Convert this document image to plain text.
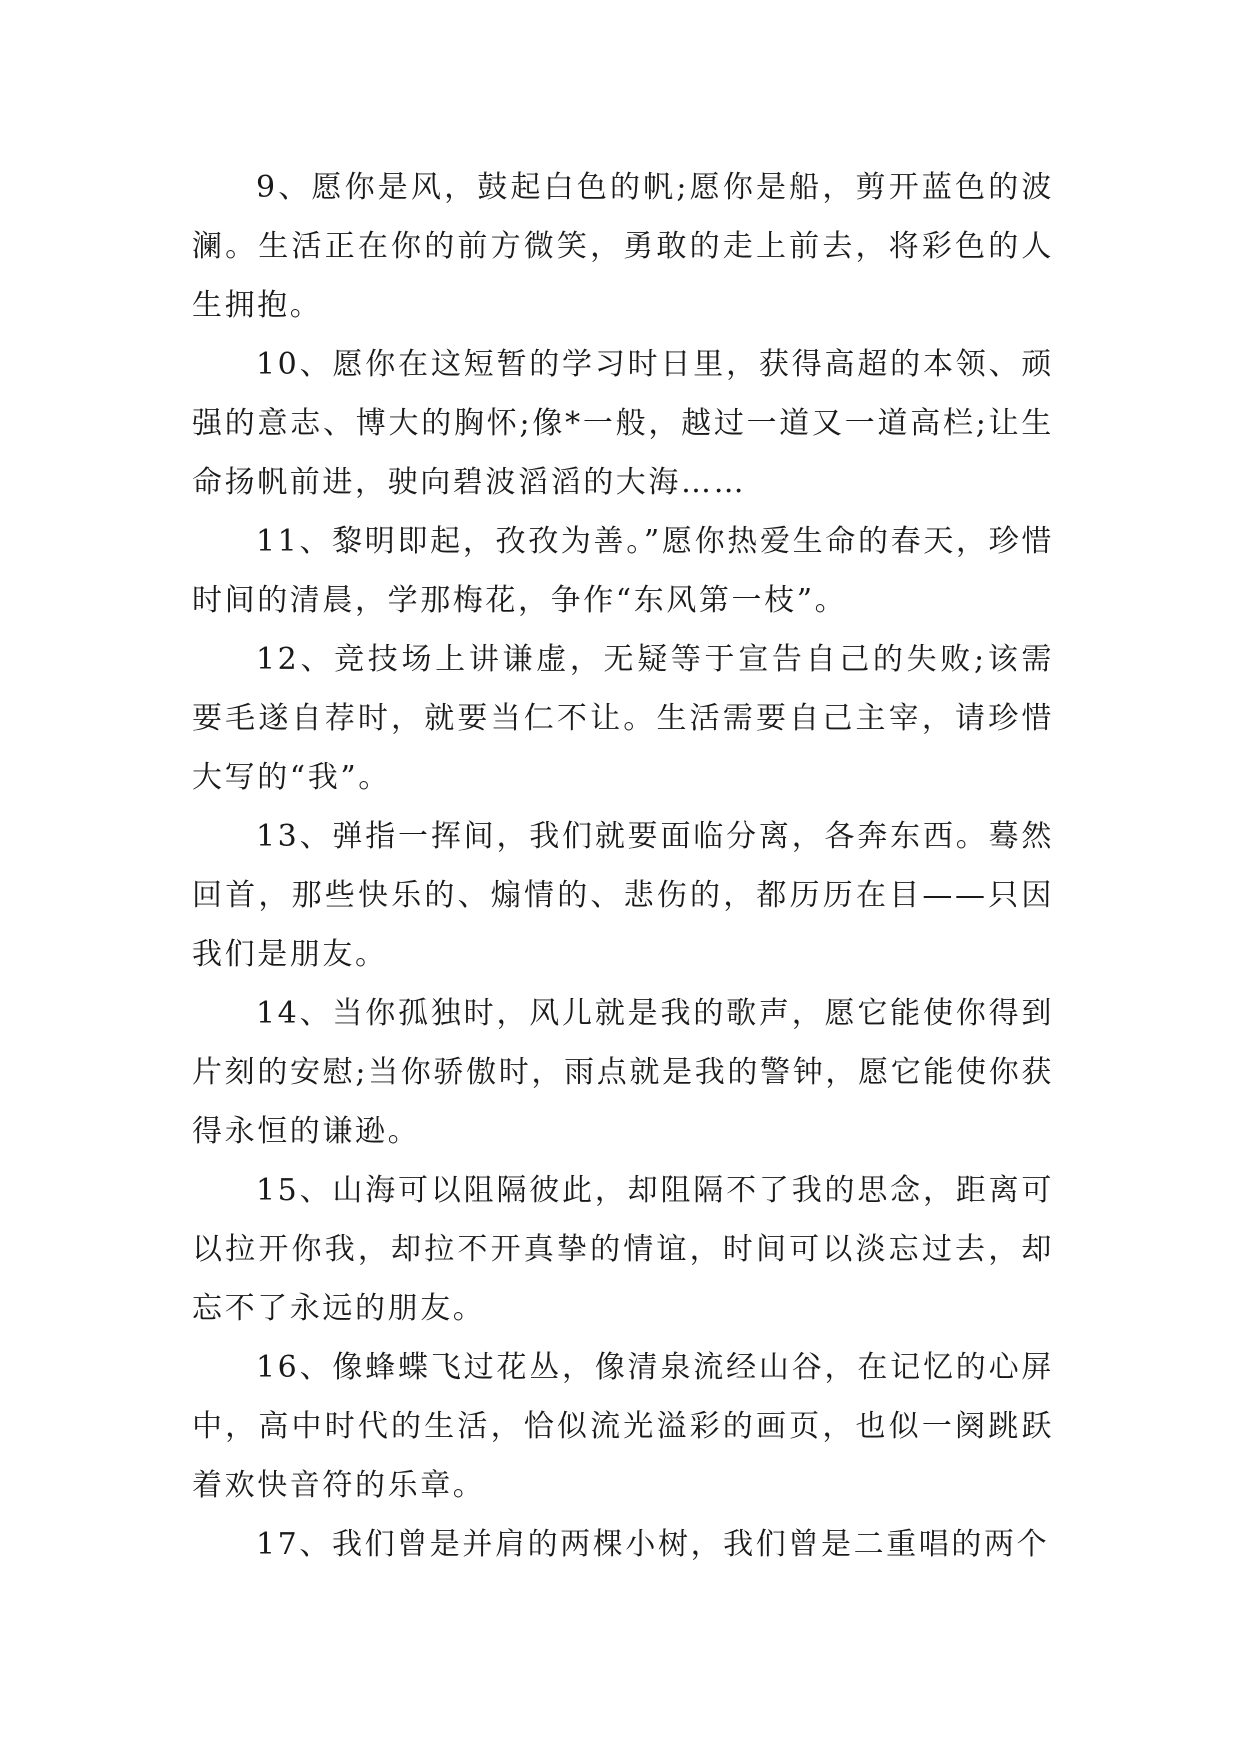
9、愿你是风，鼓起白色的帆;愿你是船，剪开蓝色的波澜。生活正在你的前方微笑，勇敢的走上前去，将彩色的人生拥抱。

10、愿你在这短暂的学习时日里，获得高超的本领、顽强的意志、博大的胸怀;像*一般，越过一道又一道高栏;让生命扬帆前进，驶向碧波滔滔的大海……

11、黎明即起，孜孜为善。”愿你热爱生命的春天，珍惜时间的清晨，学那梅花，争作“东风第一枝”。

12、竞技场上讲谦虚，无疑等于宣告自己的失败;该需要毛遂自荐时，就要当仁不让。生活需要自己主宰，请珍惜大写的“我”。

13、弹指一挥间，我们就要面临分离，各奔东西。蓦然回首，那些快乐的、煽情的、悲伤的，都历历在目——只因我们是朋友。

14、当你孤独时，风儿就是我的歌声，愿它能使你得到片刻的安慰;当你骄傲时，雨点就是我的警钟，愿它能使你获得永恒的谦逊。

15、山海可以阻隔彼此，却阻隔不了我的思念，距离可以拉开你我，却拉不开真挚的情谊，时间可以淡忘过去，却忘不了永远的朋友。

16、像蜂蝶飞过花丛，像清泉流经山谷，在记忆的心屏中，高中时代的生活，恰似流光溢彩的画页，也似一阕跳跃着欢快音符的乐章。

17、我们曾是并肩的两棵小树，我们曾是二重唱的两个
